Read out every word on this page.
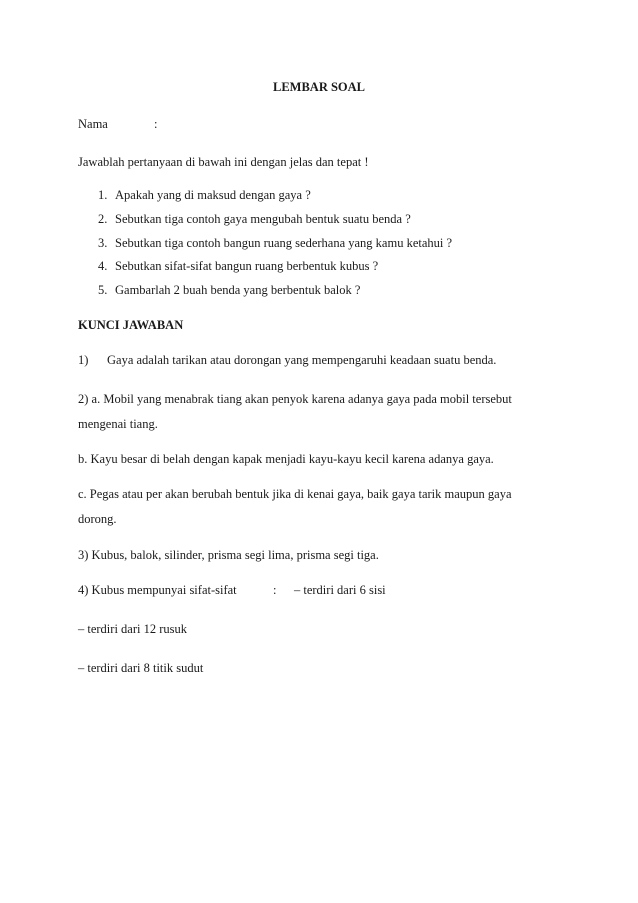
LEMBAR SOAL
Nama	:
Jawablah pertanyaan di bawah ini dengan jelas dan tepat !
1. Apakah yang di maksud dengan gaya ?
2. Sebutkan tiga contoh gaya mengubah bentuk suatu benda ?
3. Sebutkan tiga contoh bangun ruang sederhana yang kamu ketahui ?
4. Sebutkan sifat-sifat bangun ruang berbentuk kubus ?
5. Gambarlah 2 buah benda yang berbentuk balok ?
KUNCI JAWABAN
1) Gaya adalah tarikan atau dorongan yang mempengaruhi keadaan suatu benda.
2) a. Mobil yang menabrak tiang akan penyok karena adanya gaya pada mobil tersebut
mengenai tiang.
b. Kayu besar di belah dengan kapak menjadi kayu-kayu kecil karena adanya gaya.
c. Pegas atau per akan berubah bentuk jika di kenai gaya, baik gaya tarik maupun gaya
dorong.
3) Kubus, balok, silinder, prisma segi lima, prisma segi tiga.
4) Kubus mempunyai sifat-sifat	: – terdiri dari 6 sisi
– terdiri dari 12 rusuk
– terdiri dari 8 titik sudut
